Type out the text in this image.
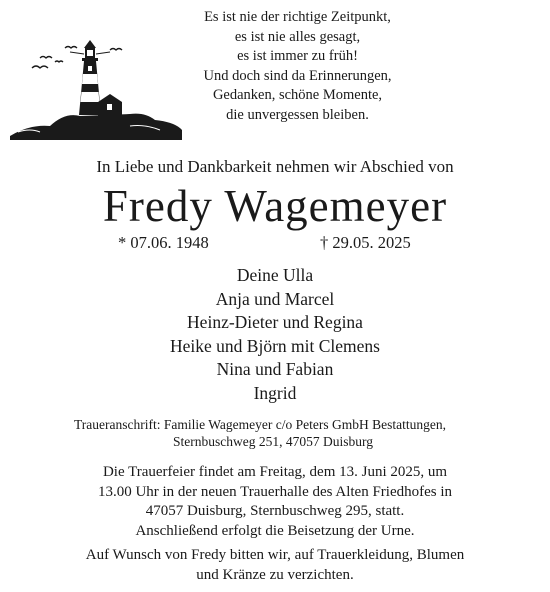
Es ist nie der richtige Zeitpunkt,
es ist nie alles gesagt,
es ist immer zu früh!
Und doch sind da Erinnerungen,
Gedanken, schöne Momente,
die unvergessen bleiben.
In Liebe und Dankbarkeit nehmen wir Abschied von
Fredy Wagemeyer
* 07.06. 1948	† 29.05. 2025
Deine Ulla
Anja und Marcel
Heinz-Dieter und Regina
Heike und Björn mit Clemens
Nina und Fabian
Ingrid
Traueranschrift: Familie Wagemeyer c/o Peters GmbH Bestattungen,
Sternbuschweg 251, 47057 Duisburg
Die Trauerfeier findet am Freitag, dem 13. Juni 2025, um
13.00 Uhr in der neuen Trauerhalle des Alten Friedhofes in
47057 Duisburg, Sternbuschweg 295, statt.
Anschließend erfolgt die Beisetzung der Urne.
Auf Wunsch von Fredy bitten wir, auf Trauerkleidung, Blumen
und Kränze zu verzichten.
